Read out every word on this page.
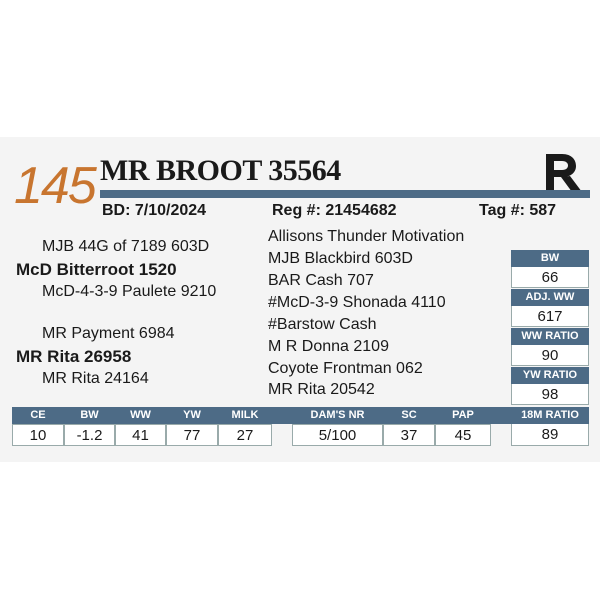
145 MR BROOT 35564
BD: 7/10/2024	Reg #: 21454682	Tag #: 587
MJB 44G of 7189 603D
McD Bitterroot 1520
McD-4-3-9 Paulete 9210
MR Payment 6984
MR Rita 26958
MR Rita 24164
Allisons Thunder Motivation
MJB Blackbird 603D
BAR Cash 707
#McD-3-9 Shonada 4110
#Barstow Cash
M R Donna 2109
Coyote Frontman 062
MR Rita 20542
BW
66
ADJ. WW
617
WW RATIO
90
YW RATIO
98
18M RATIO
89
CE	BW	WW	YW	MILK	DAM'S NR	SC	PAP
10	-1.2	41	77	27	5/100	37	45
